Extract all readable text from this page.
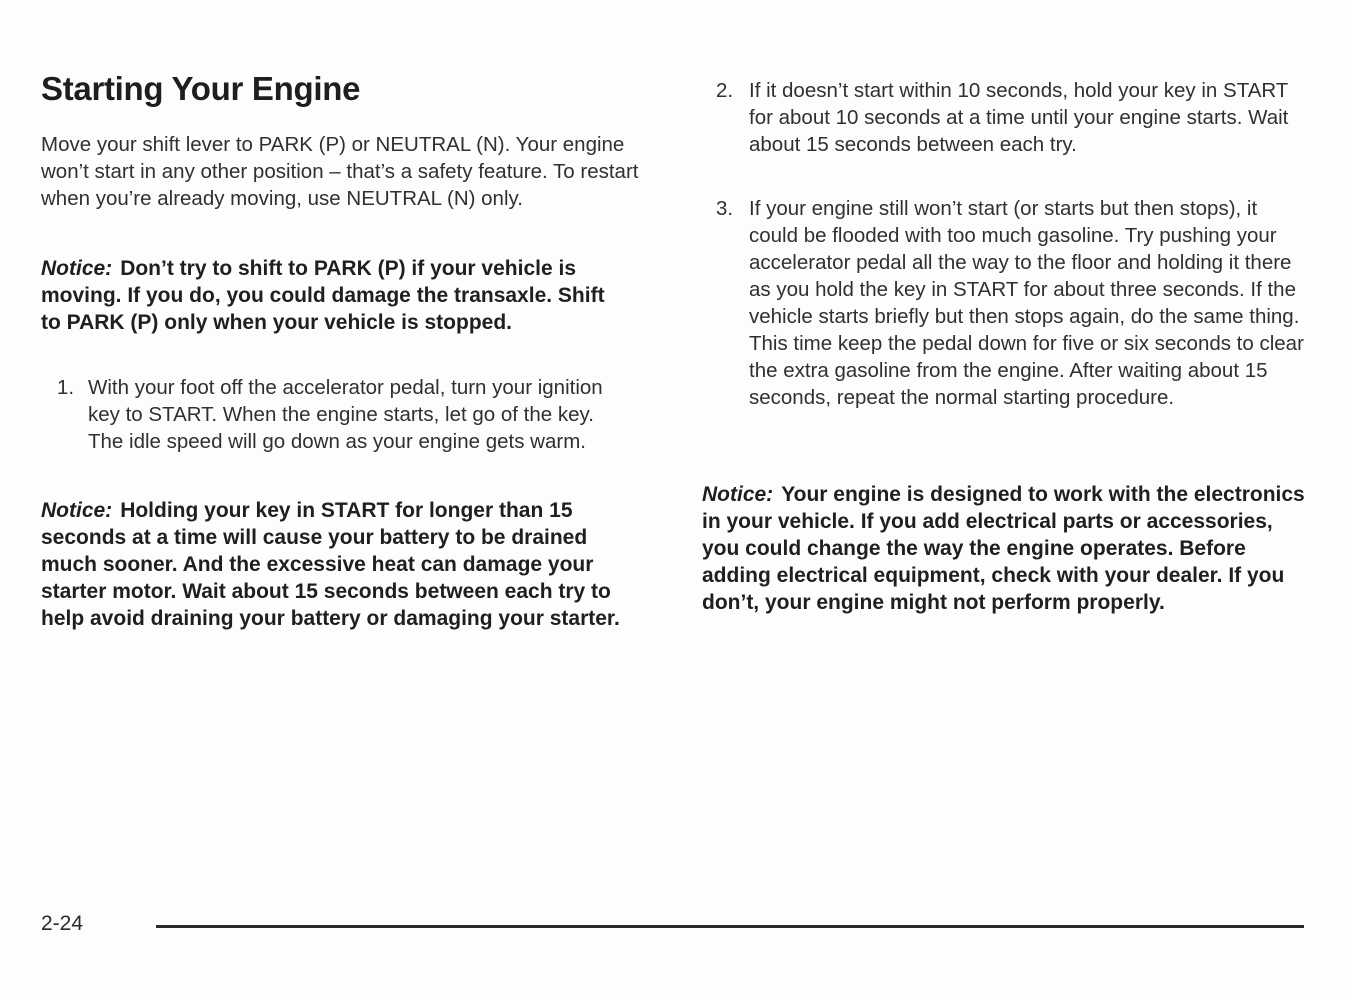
Starting Your Engine

Move your shift lever to PARK (P) or NEUTRAL (N). Your engine won’t start in any other position – that’s a safety feature. To restart when you’re already moving, use NEUTRAL (N) only.

Notice: Don’t try to shift to PARK (P) if your vehicle is moving. If you do, you could damage the transaxle. Shift to PARK (P) only when your vehicle is stopped.

1. With your foot off the accelerator pedal, turn your ignition key to START. When the engine starts, let go of the key. The idle speed will go down as your engine gets warm.

Notice: Holding your key in START for longer than 15 seconds at a time will cause your battery to be drained much sooner. And the excessive heat can damage your starter motor. Wait about 15 seconds between each try to help avoid draining your battery or damaging your starter.

2. If it doesn’t start within 10 seconds, hold your key in START for about 10 seconds at a time until your engine starts. Wait about 15 seconds between each try.
3. If your engine still won’t start (or starts but then stops), it could be flooded with too much gasoline. Try pushing your accelerator pedal all the way to the floor and holding it there as you hold the key in START for about three seconds. If the vehicle starts briefly but then stops again, do the same thing. This time keep the pedal down for five or six seconds to clear the extra gasoline from the engine. After waiting about 15 seconds, repeat the normal starting procedure.

Notice: Your engine is designed to work with the electronics in your vehicle. If you add electrical parts or accessories, you could change the way the engine operates. Before adding electrical equipment, check with your dealer. If you don’t, your engine might not perform properly.

2-24
